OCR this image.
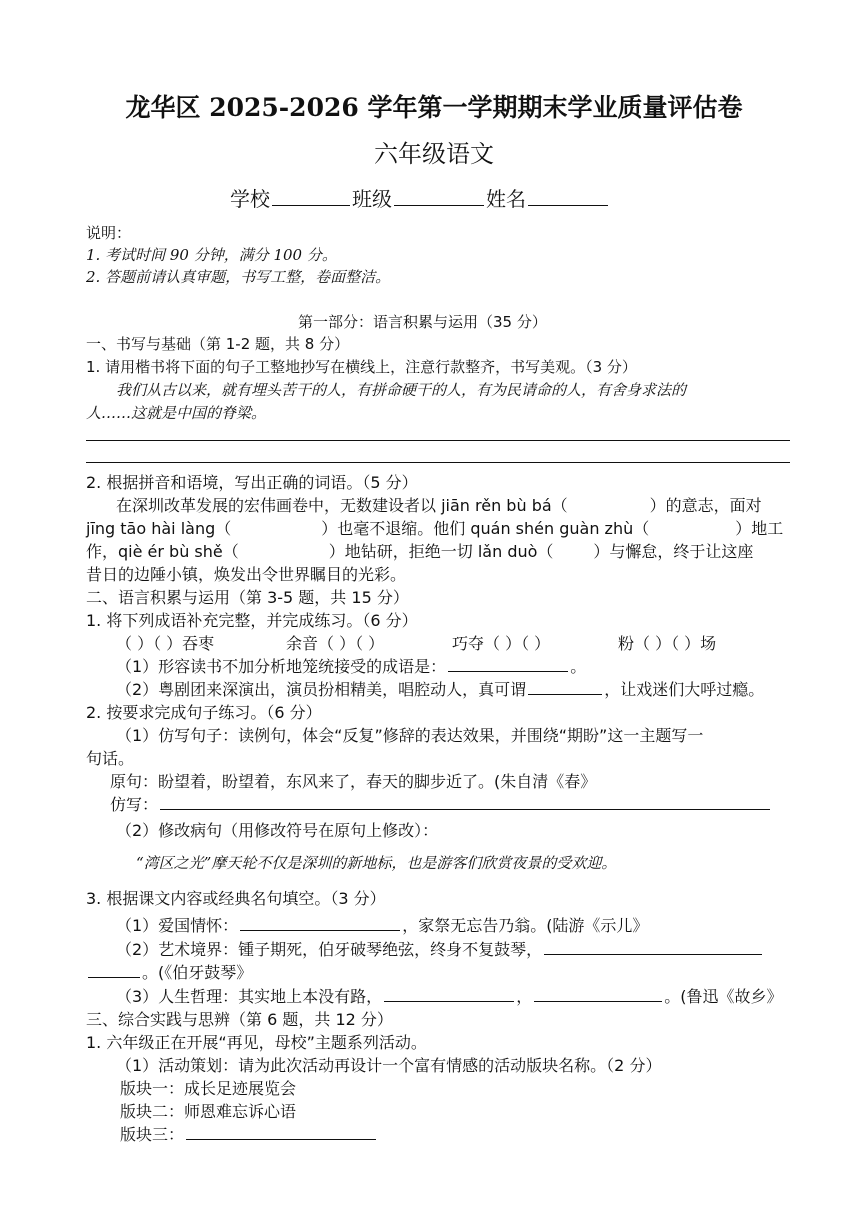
龙华区 2025-2026 学年第一学期期末学业质量评估卷
六年级语文
学校	班级	姓名
说明：
1. 考试时间 90 分钟，满分 100 分。
2. 答题前请认真审题，书写工整，卷面整洁。
第一部分：语言积累与运用（35 分）
一、书写与基础（第 1-2 题，共 8 分）
1. 请用楷书将下面的句子工整地抄写在横线上，注意行款整齐，书写美观。（3 分）
我们从古以来，就有埋头苦干的人，有拼命硬干的人，有为民请命的人，有舍身求法的
人……这就是中国的脊梁。
2. 根据拼音和语境，写出正确的词语。（5 分）
在深圳改革发展的宏伟画卷中，无数建设者以 jiān rěn bù bá（	）的意志，面对
jīng tāo hài làng（	）也毫不退缩。他们 quán shén guàn zhù（	）地工
作，qiè ér bù shě（	）地钻研，拒绝一切 lǎn duò（	）与懈怠，终于让这座
昔日的边陲小镇，焕发出令世界瞩目的光彩。
二、语言积累与运用（第 3-5 题，共 15 分）
1. 将下列成语补充完整，并完成练习。（6 分）
（ ）（ ）吞枣	余音（ ）（ ）	巧夺（ ）（ ）	粉（ ）（ ）场
（1）形容读书不加分析地笼统接受的成语是：	。
（2）粤剧团来深演出，演员扮相精美，唱腔动人，真可谓	，让戏迷们大呼过瘾。
2. 按要求完成句子练习。（6 分）
（1）仿写句子：读例句，体会“反复”修辞的表达效果，并围绕“期盼”这一主题写一
句话。
原句：盼望着，盼望着，东风来了，春天的脚步近了。(朱自清《春》
仿写：
（2）修改病句（用修改符号在原句上修改）：
“湾区之光”摩天轮不仅是深圳的新地标，也是游客们欣赏夜景的受欢迎。
3. 根据课文内容或经典名句填空。（3 分）
（1）爱国情怀：	，家祭无忘告乃翁。(陆游《示儿》
（2）艺术境界：锺子期死，伯牙破琴绝弦，终身不复鼓琴，
。(《伯牙鼓琴》
（3）人生哲理：其实地上本没有路，	，	。(鲁迅《故乡》
三、综合实践与思辨（第 6 题，共 12 分）
1. 六年级正在开展“再见，母校”主题系列活动。
（1）活动策划：请为此次活动再设计一个富有情感的活动版块名称。（2 分）
版块一：成长足迹展览会
版块二：师恩难忘诉心语
版块三：
